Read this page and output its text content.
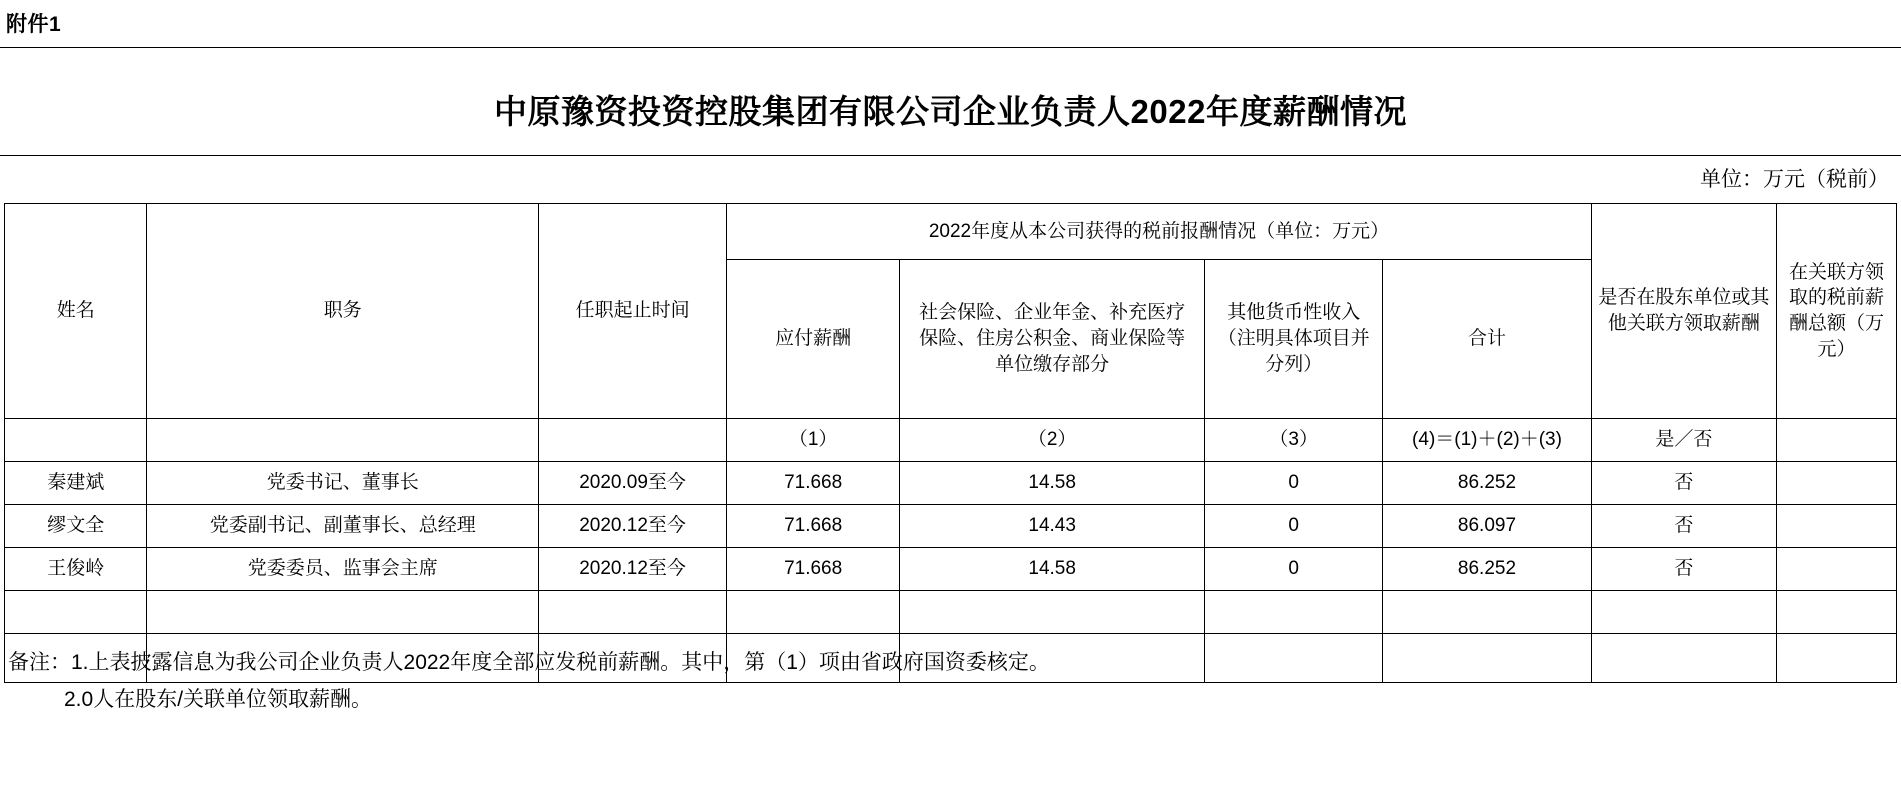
附件1
中原豫资投资控股集团有限公司企业负责人2022年度薪酬情况
单位：万元（税前）
姓名	职务	任职起止时间	2022年度从本公司获得的税前报酬情况（单位：万元）				是否在股东单位或其他关联方领取薪酬	在关联方领取的税前薪酬总额（万元）
			应付薪酬	社会保险、企业年金、补充医疗保险、住房公积金、商业保险等单位缴存部分	其他货币性收入（注明具体项目并分列）	合计		
			（1）	（2）	（3）	(4)＝(1)＋(2)＋(3)	是／否	
秦建斌	党委书记、董事长	2020.09至今	71.668	14.58	0	86.252	否	
缪文全	党委副书记、副董事长、总经理	2020.12至今	71.668	14.43	0	86.097	否	
王俊岭	党委委员、监事会主席	2020.12至今	71.668	14.58	0	86.252	否	

备注：1.上表披露信息为我公司企业负责人2022年度全部应发税前薪酬。其中，第（1）项由省政府国资委核定。
2.0人在股东/关联单位领取薪酬。
